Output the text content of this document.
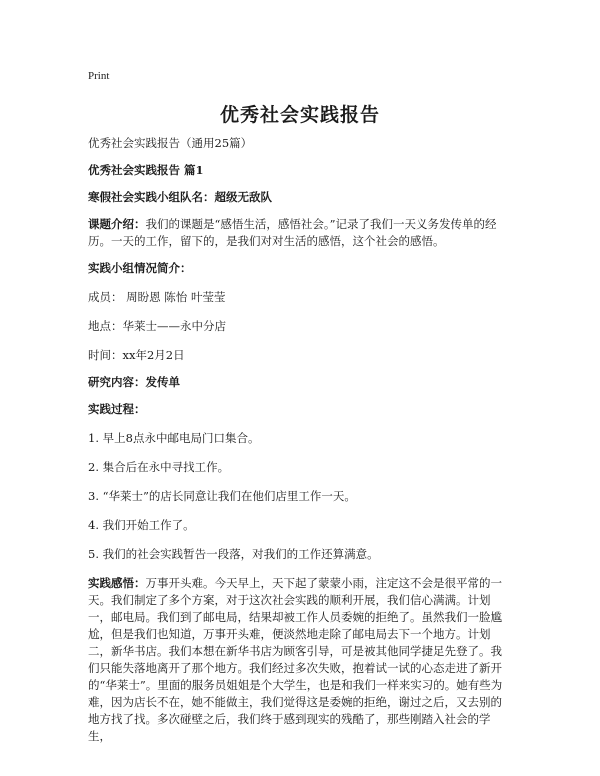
Print
优秀社会实践报告

优秀社会实践报告（通用25篇）

优秀社会实践报告 篇1

寒假社会实践小组队名：超级无敌队

课题介绍：我们的课题是“感悟生活，感悟社会。”记录了我们一天义务发传单的经历。一天的工作，留下的，是我们对对生活的感悟，这个社会的感悟。

实践小组情况简介：

成员： 周盼恩 陈怡 叶莹莹

地点：华莱士——永中分店

时间：xx年2月2日

研究内容：发传单

实践过程：

1. 早上8点永中邮电局门口集合。

2. 集合后在永中寻找工作。

3. “华莱士”的店长同意让我们在他们店里工作一天。

4. 我们开始工作了。

5. 我们的社会实践暂告一段落，对我们的工作还算满意。

实践感悟：万事开头难。今天早上，天下起了蒙蒙小雨，注定这不会是很平常的一天。我们制定了多个方案，对于这次社会实践的顺利开展，我们信心满满。计划一，邮电局。我们到了邮电局，结果却被工作人员委婉的拒绝了。虽然我们一脸尴尬，但是我们也知道，万事开头难，便淡然地走除了邮电局去下一个地方。计划二，新华书店。我们本想在新华书店为顾客引导，可是被其他同学捷足先登了。我们只能失落地离开了那个地方。我们经过多次失败，抱着试一试的心态走进了新开的“华莱士”。里面的服务员姐姐是个大学生，也是和我们一样来实习的。她有些为难，因为店长不在，她不能做主，我们觉得这是委婉的拒绝，谢过之后，又去别的地方找了找。多次碰壁之后，我们终于感到现实的残酷了，那些刚踏入社会的学生，
